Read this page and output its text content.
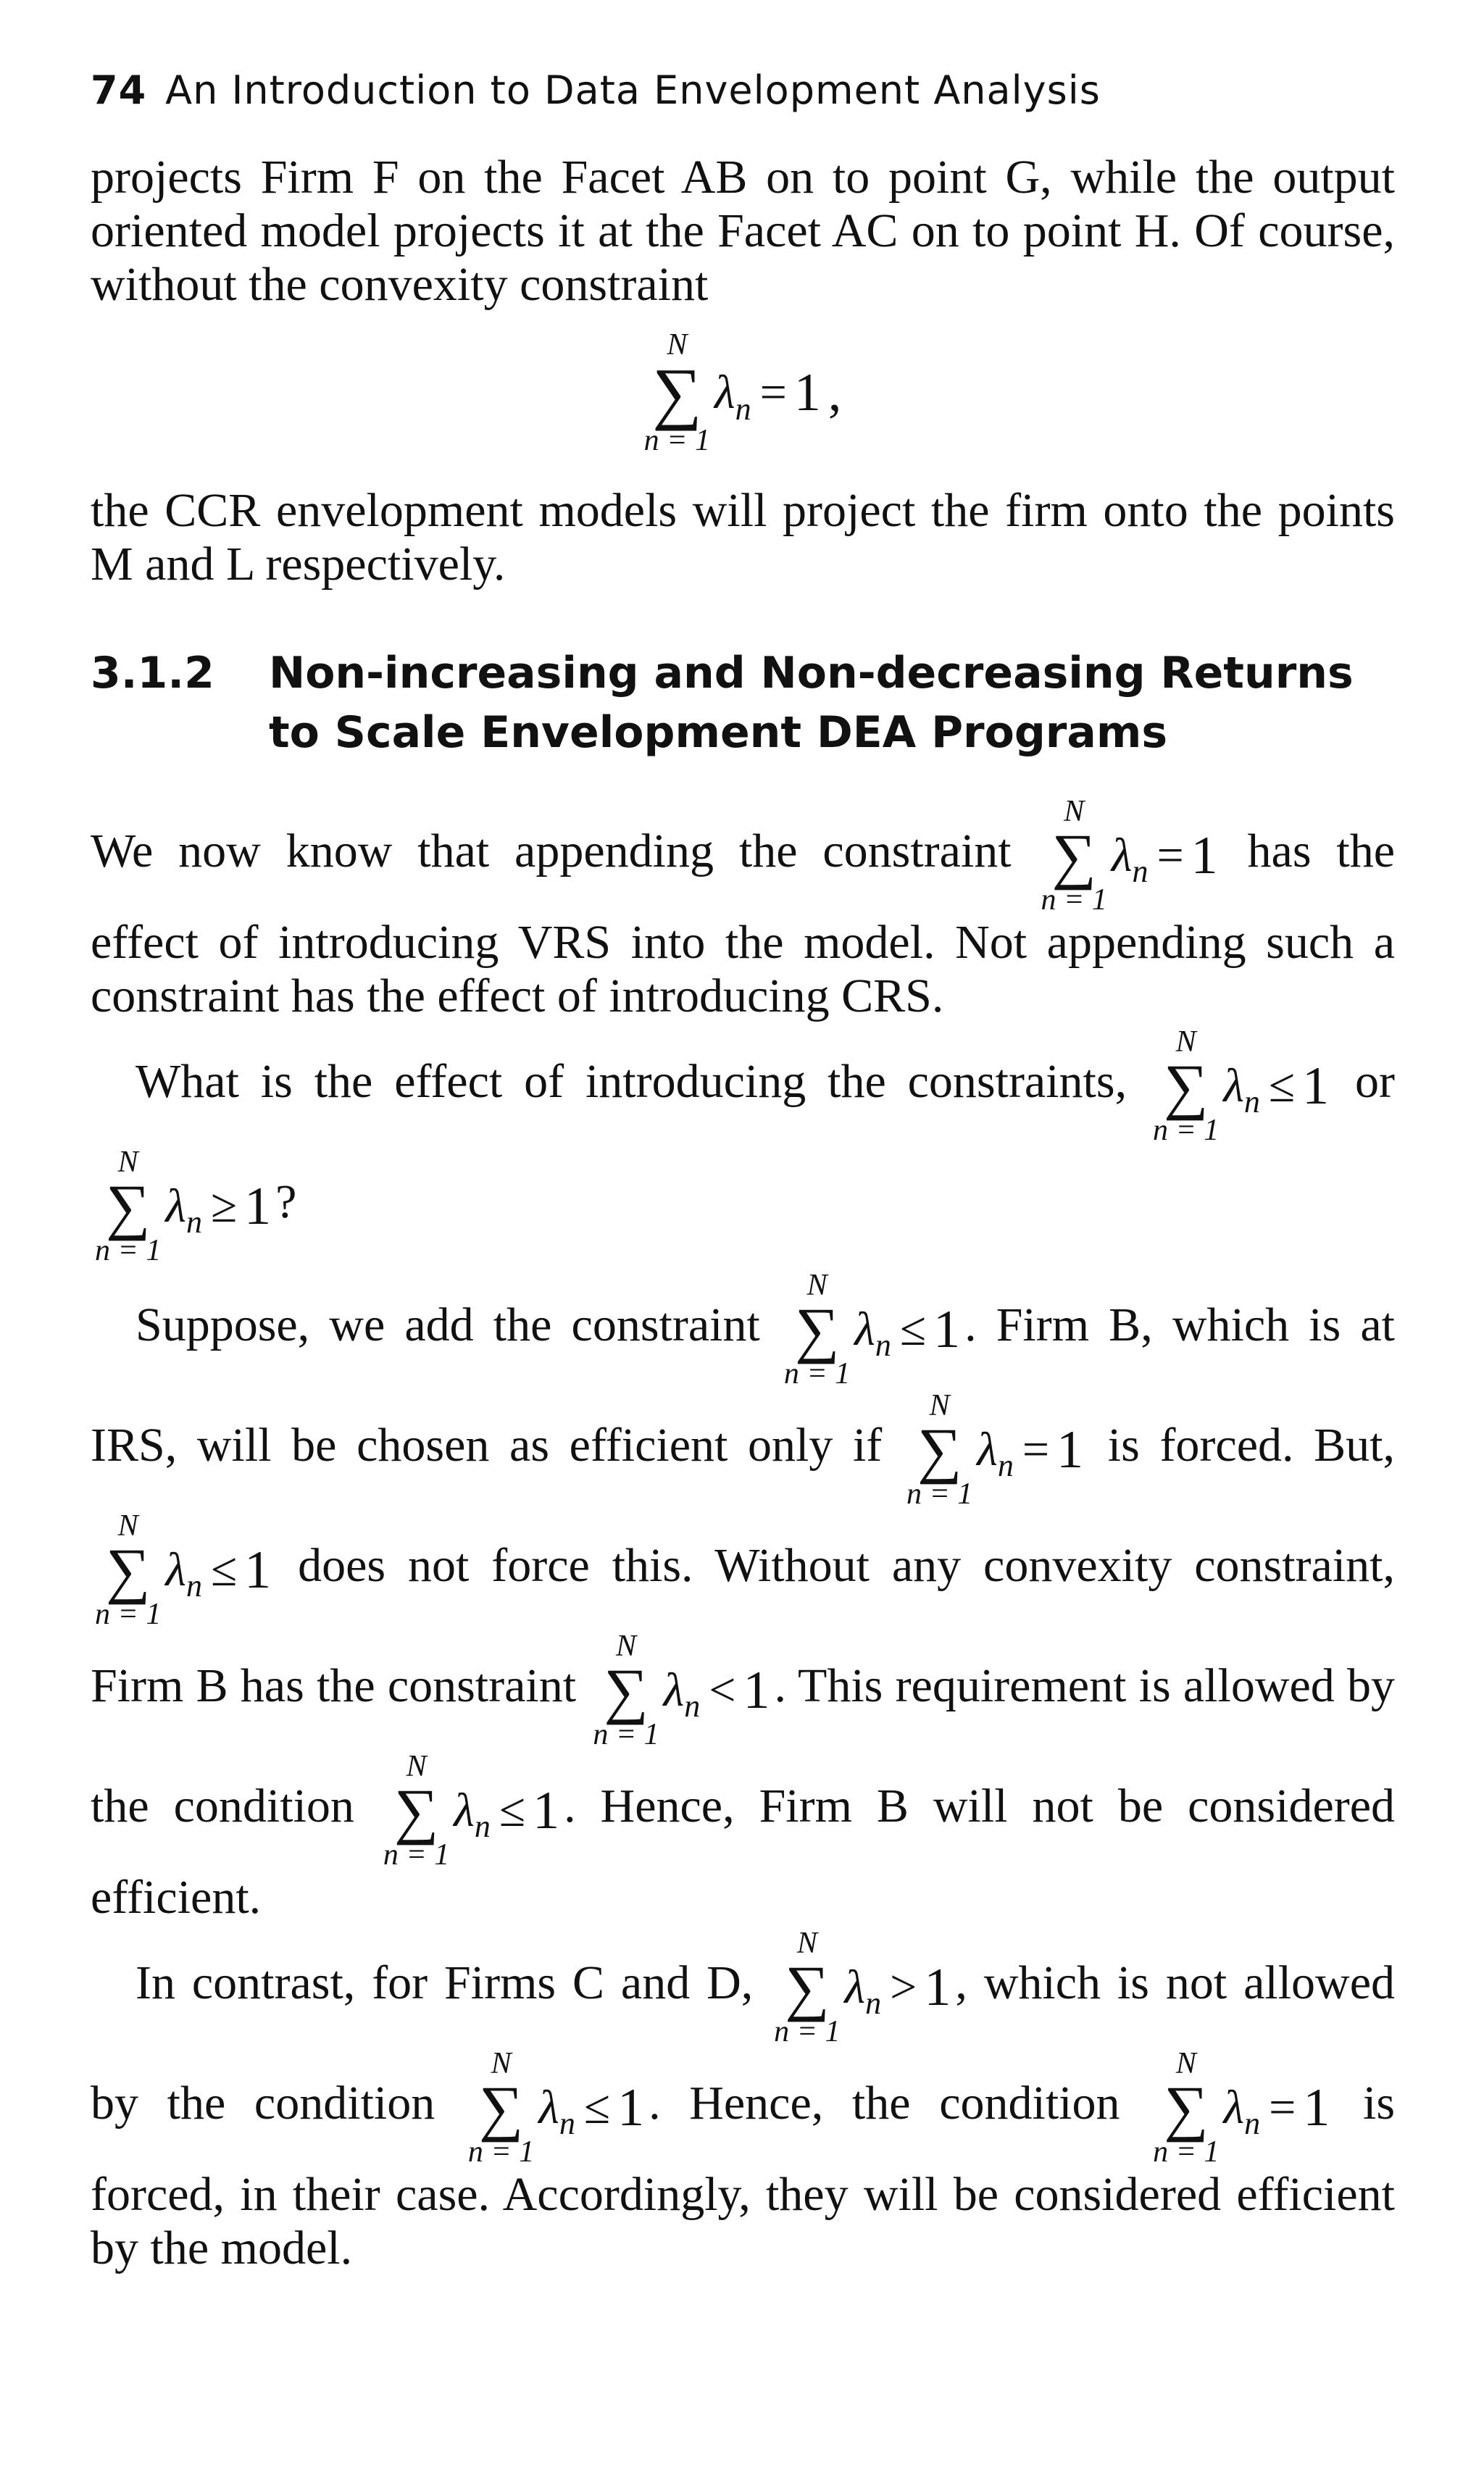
74 An Introduction to Data Envelopment Analysis

projects Firm F on the Facet AB on to point G, while the output oriented model projects it at the Facet AC on to point H. Of course, without the convexity constraint

N
∑
n = 1
λ n = 1 ,

the CCR envelopment models will project the firm onto the points M and L respectively.

3.1.2	Non-increasing and Non-decreasing Returns to Scale Envelopment DEA Programs

We now know that appending the constraint
N
∑
n = 1
λ n = 1 has the effect of introducing VRS into the model. Not appending such a constraint has the effect of introducing CRS.

What is the effect of introducing the constraints,
N
∑
n = 1
λ n ≤ 1 or
N
∑
n = 1
λ n ≥ 1 ?

Suppose, we add the constraint
N
∑
n = 1
λ n ≤ 1 . Firm B, which is at IRS, will be chosen as efficient only if
N
∑
n = 1
λ n = 1 is forced. But,
N
∑
n = 1
λ n ≤ 1 does not force this. Without any convexity constraint, Firm B has the constraint
N
∑
n = 1
λ n < 1 . This requirement is allowed by the condition
N
∑
n = 1
λ n ≤ 1 . Hence, Firm B will not be considered efficient.

In contrast, for Firms C and D,
N
∑
n = 1
λ n > 1 , which is not allowed by the condition
N
∑
n = 1
λ n ≤ 1 . Hence, the condition
N
∑
n = 1
λ n = 1 is forced, in their case. Accordingly, they will be considered efficient by the model.
